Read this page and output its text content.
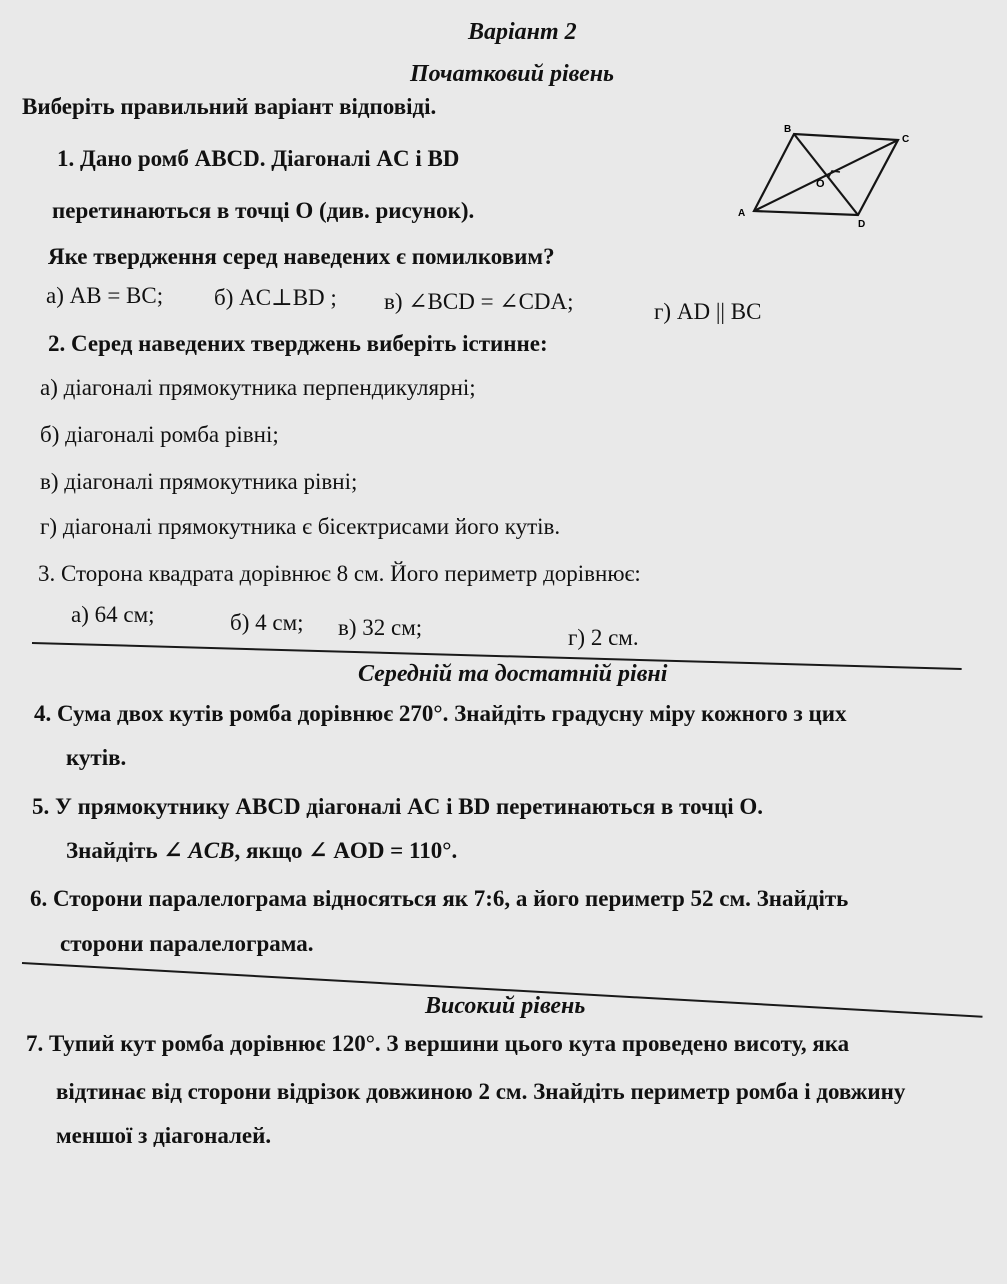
Варіант 2
Початковий рівень
Виберіть правильний варіант відповіді.
1. Дано ромб ABCD. Діагоналі AC і BD
перетинаються в точці O (див. рисунок).
Яке твердження серед наведених є помилковим?
а) AB = BC; б) AC⊥BD ; в) ∠BCD = ∠CDA;	г) AD || BC
B
C
A
D
O
2. Серед наведених тверджень виберіть істинне:
а) діагоналі прямокутника перпендикулярні;
б) діагоналі ромба рівні;
в) діагоналі прямокутника рівні;
г) діагоналі прямокутника є бісектрисами його кутів.
3. Сторона квадрата дорівнює 8 см. Його периметр дорівнює:
а) 64 см;	б) 4 см; в) 32 см;	г) 2 см.
Середній та достатній рівні
4. Сума двох кутів ромба дорівнює 270°. Знайдіть градусну міру кожного з цих
кутів.
5. У прямокутнику ABCD діагоналі AC і BD перетинаються в точці O.
Знайдіть ∠ ACB, якщо ∠ AOD = 110°.
6. Сторони паралелограма відносяться як 7:6, а його периметр 52 см. Знайдіть
сторони паралелограма.
Високий рівень
7. Тупий кут ромба дорівнює 120°. З вершини цього кута проведено висоту, яка
відтинає від сторони відрізок довжиною 2 см. Знайдіть периметр ромба і довжину
меншої з діагоналей.
